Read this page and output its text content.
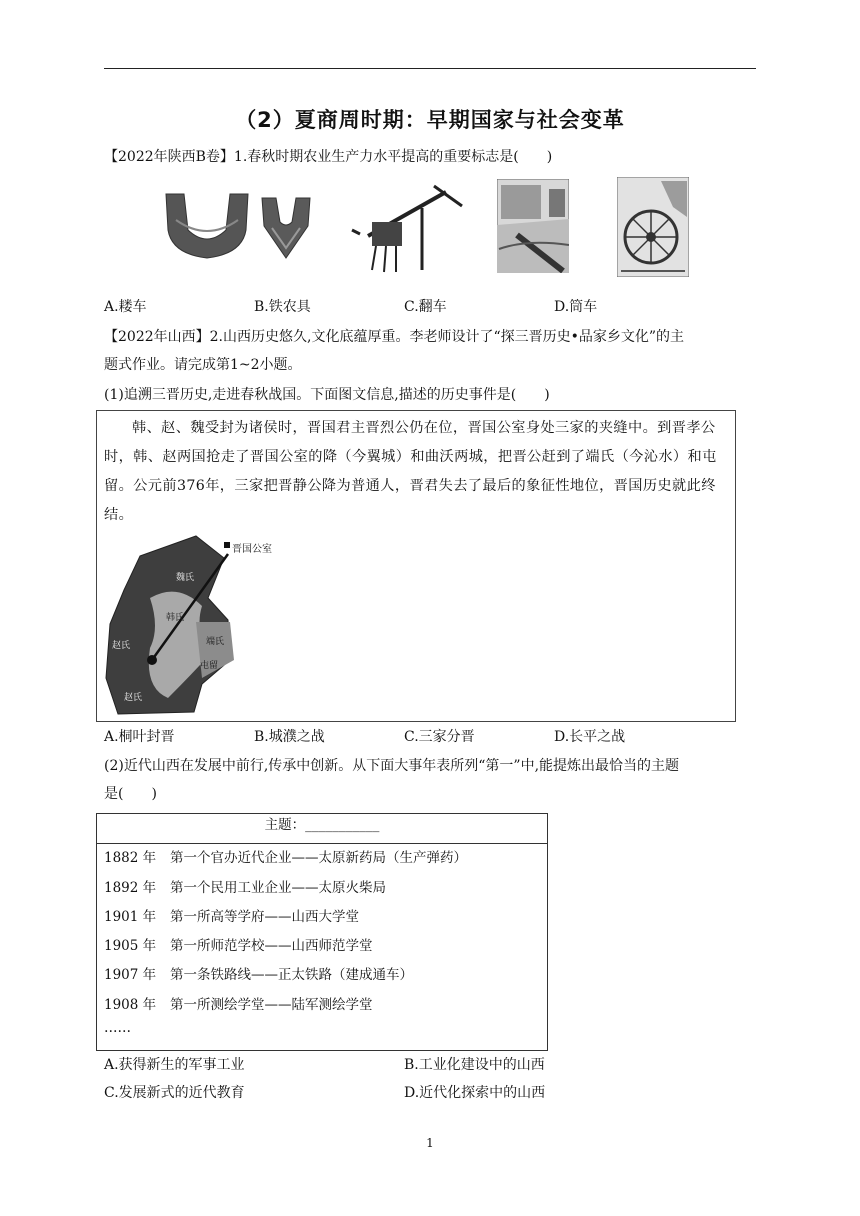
（2）夏商周时期：早期国家与社会变革
【2022年陕西B卷】1.春秋时期农业生产力水平提高的重要标志是(　　)
A.耧车	B.铁农具	C.翻车	D.筒车
【2022年山西】2.山西历史悠久,文化底蕴厚重。李老师设计了“探三晋历史•品家乡文化”的主
题式作业。请完成第1~2小题。
(1)追溯三晋历史,走进春秋战国。下面图文信息,描述的历史事件是(　　)
韩、赵、魏受封为诸侯时，晋国君主晋烈公仍在位，晋国公室身处三家的夹缝中。到晋孝公时，韩、赵两国抢走了晋国公室的降（今翼城）和曲沃两城，把晋公赶到了端氏（今沁水）和屯留。公元前376年，三家把晋静公降为普通人，晋君失去了最后的象征性地位，晋国历史就此终结。
晋国公室
魏氏
韩氏
赵氏	端氏
屯留
赵氏
A.桐叶封晋	B.城濮之战	C.三家分晋	D.长平之战
(2)近代山西在发展中前行,传承中创新。从下面大事年表所列“第一”中,能提炼出最恰当的主题
是(　　)
主题：___________
1882 年 第一个官办近代企业——太原新药局（生产弹药）
1892 年 第一个民用工业企业——太原火柴局
1901 年 第一所高等学府——山西大学堂
1905 年 第一所师范学校——山西师范学堂
1907 年 第一条铁路线——正太铁路（建成通车）
1908 年 第一所测绘学堂——陆军测绘学堂
……
A.获得新生的军事工业	B.工业化建设中的山西
C.发展新式的近代教育	D.近代化探索中的山西
1
